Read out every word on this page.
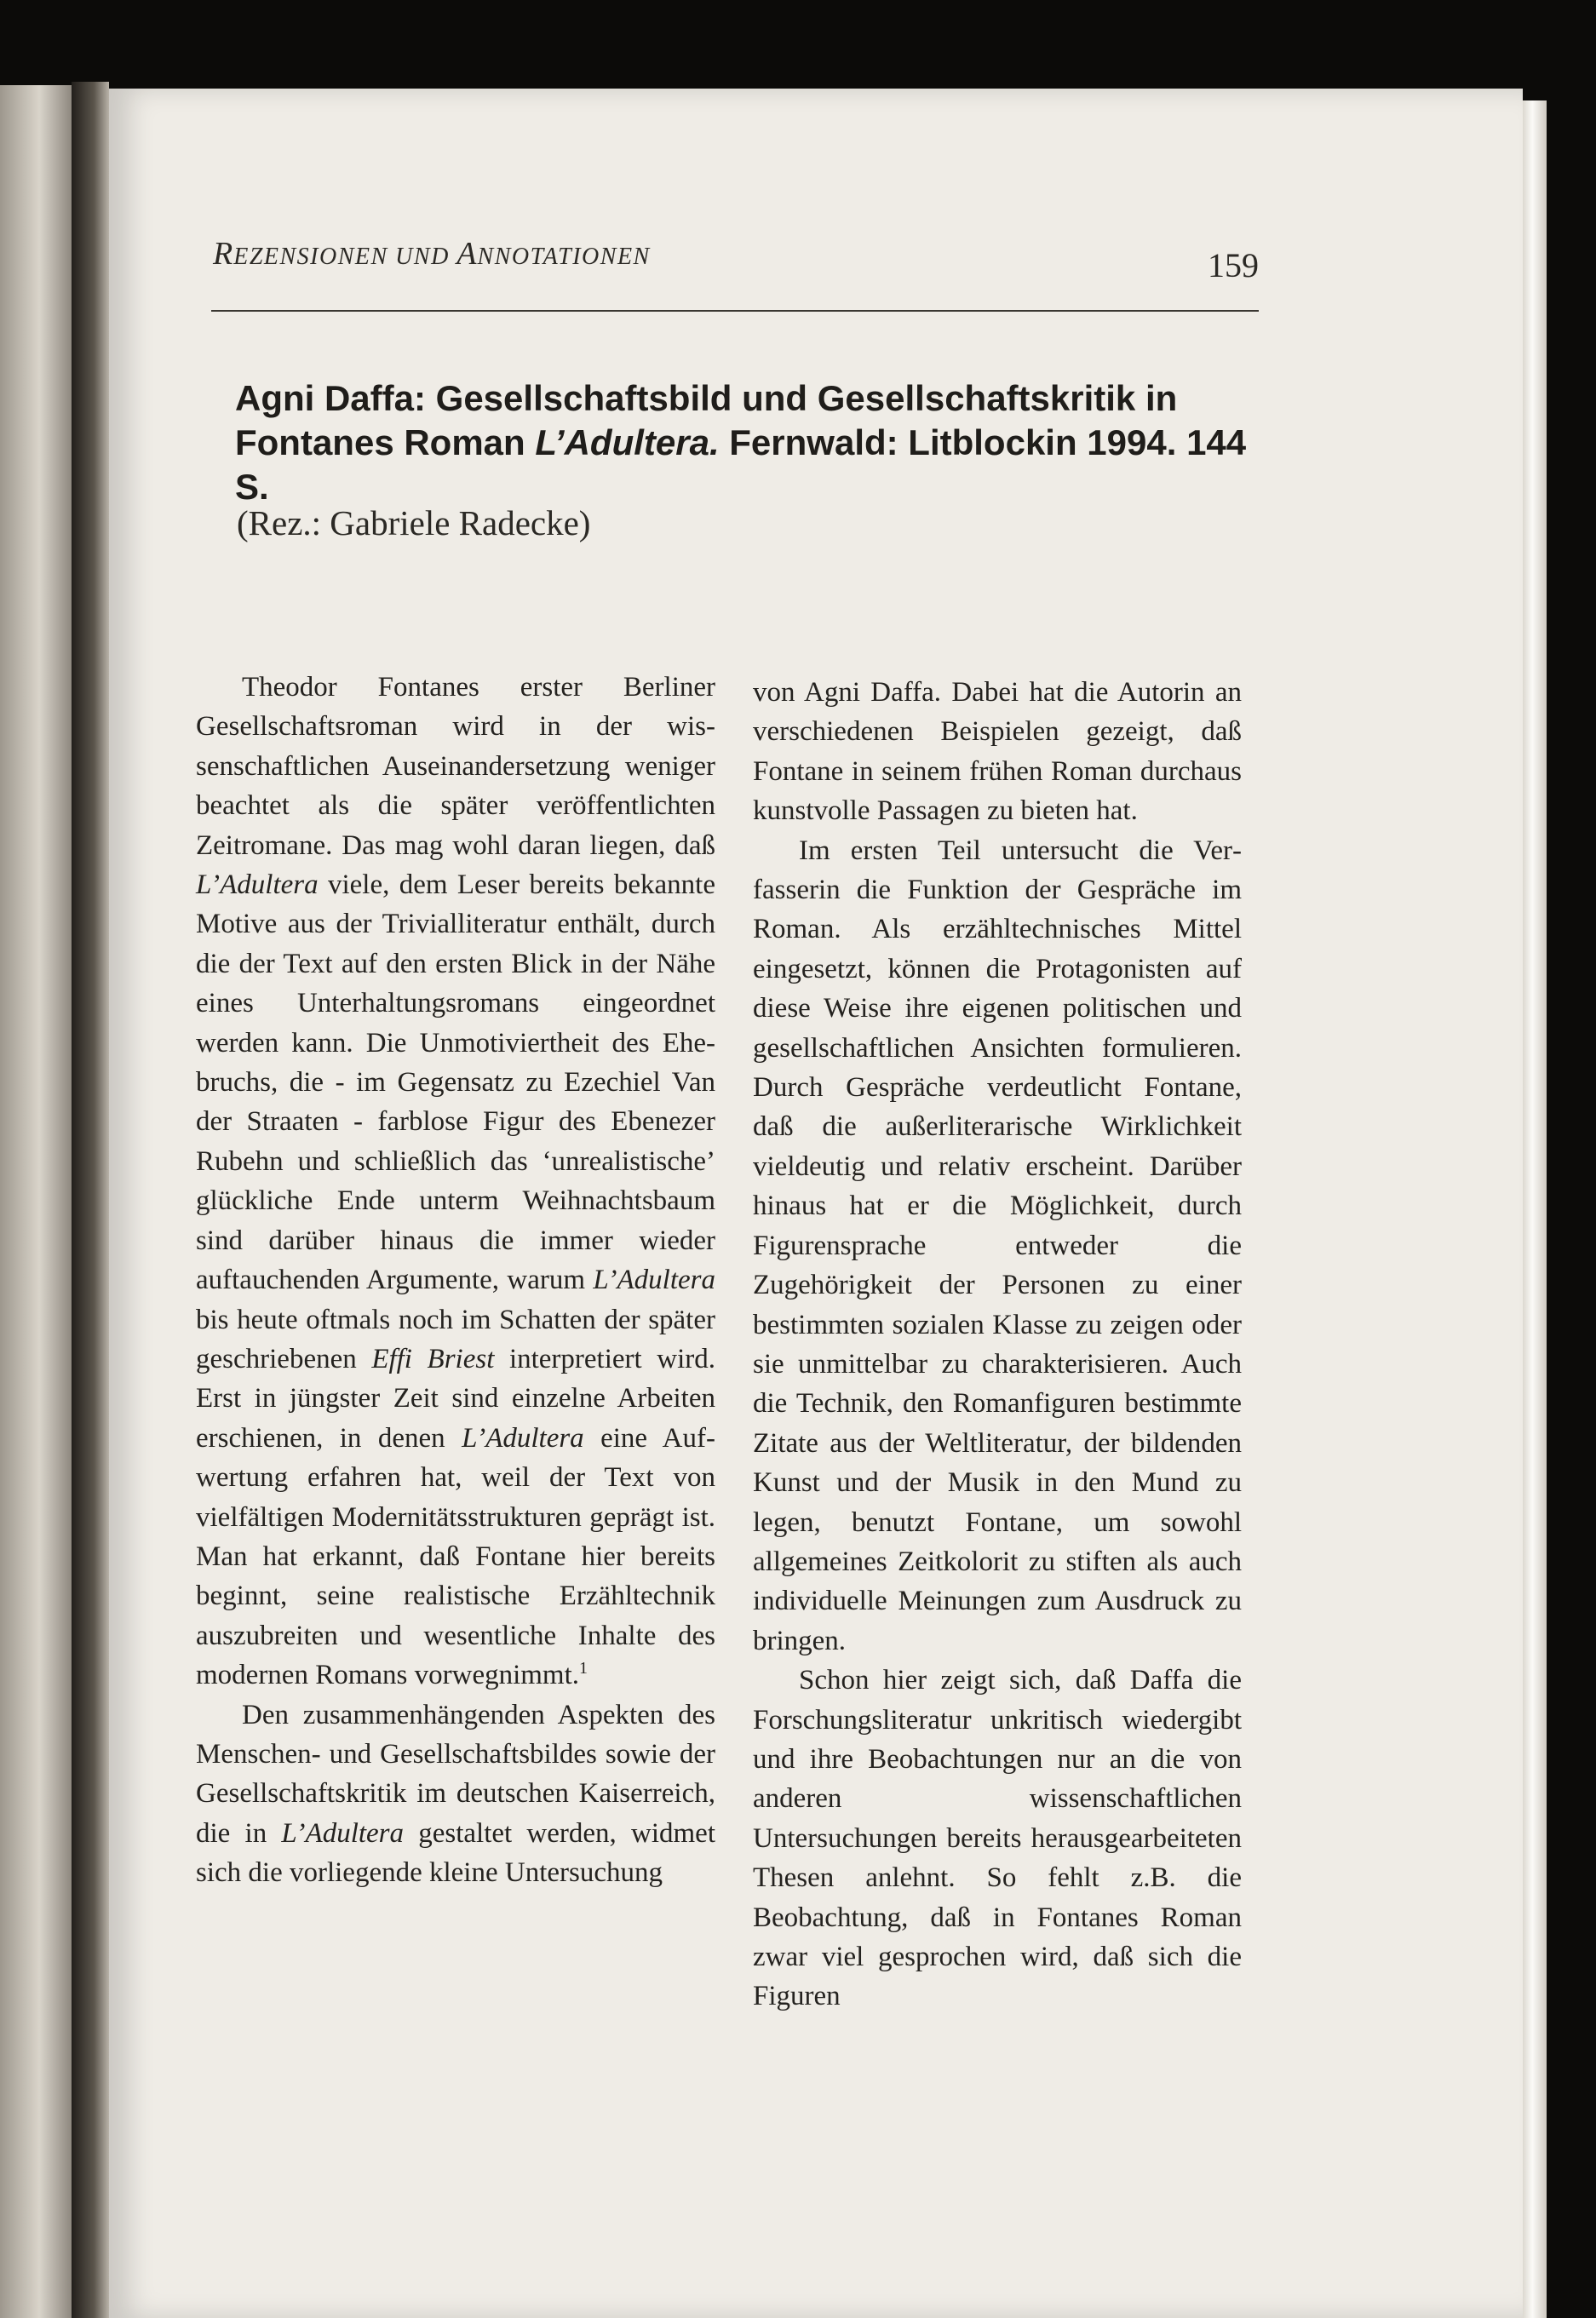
REZENSIONEN UND ANNOTATIONEN	159
Agni Daffa: Gesellschaftsbild und Gesellschaftskritik in Fontanes Roman L’Adultera. Fernwald: Litblockin 1994. 144 S.
(Rez.: Gabriele Radecke)

Theodor Fontanes erster Berliner Gesellschaftsroman wird in der wissenschaftlichen Auseinandersetzung weniger beachtet als die später veröffentlichten Zeitromane. Das mag wohl daran liegen, daß L’Adultera viele, dem Leser bereits bekannte Motive aus der Trivialliteratur enthält, durch die der Text auf den ersten Blick in der Nähe eines Unterhaltungsromans eingeordnet werden kann. Die Unmotiviertheit des Ehebruchs, die - im Gegensatz zu Ezechiel Van der Straaten - farblose Figur des Ebenezer Rubehn und schließlich das ‘unrealistische’ glückliche Ende unterm Weihnachtsbaum sind darüber hinaus die immer wieder auftauchenden Argumente, warum L’Adultera bis heute oftmals noch im Schatten der später geschriebenen Effi Briest interpretiert wird. Erst in jüngster Zeit sind einzelne Arbeiten erschienen, in denen L’Adultera eine Aufwertung erfahren hat, weil der Text von vielfältigen Modernitätsstrukturen geprägt ist. Man hat erkannt, daß Fontane hier bereits beginnt, seine realistische Erzähltechnik auszubreiten und wesentliche Inhalte des modernen Romans vorwegnimmt.$^1$

Den zusammenhängenden Aspekten des Menschen- und Gesellschaftsbildes sowie der Gesellschaftskritik im deutschen Kaiserreich, die in L’Adultera gestaltet werden, widmet sich die vorliegende kleine Untersuchung

von Agni Daffa. Dabei hat die Autorin an verschiedenen Beispielen gezeigt, daß Fontane in seinem frühen Roman durchaus kunstvolle Passagen zu bieten hat.

Im ersten Teil untersucht die Verfasserin die Funktion der Gespräche im Roman. Als erzähltechnisches Mittel eingesetzt, können die Protagonisten auf diese Weise ihre eigenen politischen und gesellschaftlichen Ansichten formulieren. Durch Gespräche verdeutlicht Fontane, daß die außerliterarische Wirklichkeit vieldeutig und relativ erscheint. Darüber hinaus hat er die Möglichkeit, durch Figurensprache entweder die Zugehörigkeit der Personen zu einer bestimmten sozialen Klasse zu zeigen oder sie unmittelbar zu charakterisieren. Auch die Technik, den Romanfiguren bestimmte Zitate aus der Weltliteratur, der bildenden Kunst und der Musik in den Mund zu legen, benutzt Fontane, um sowohl allgemeines Zeitkolorit zu stiften als auch individuelle Meinungen zum Ausdruck zu bringen.

Schon hier zeigt sich, daß Daffa die Forschungsliteratur unkritisch wiedergibt und ihre Beobachtungen nur an die von anderen wissenschaftlichen Untersuchungen bereits herausgearbeiteten Thesen anlehnt. So fehlt z.B. die Beobachtung, daß in Fontanes Roman zwar viel gesprochen wird, daß sich die Figuren
